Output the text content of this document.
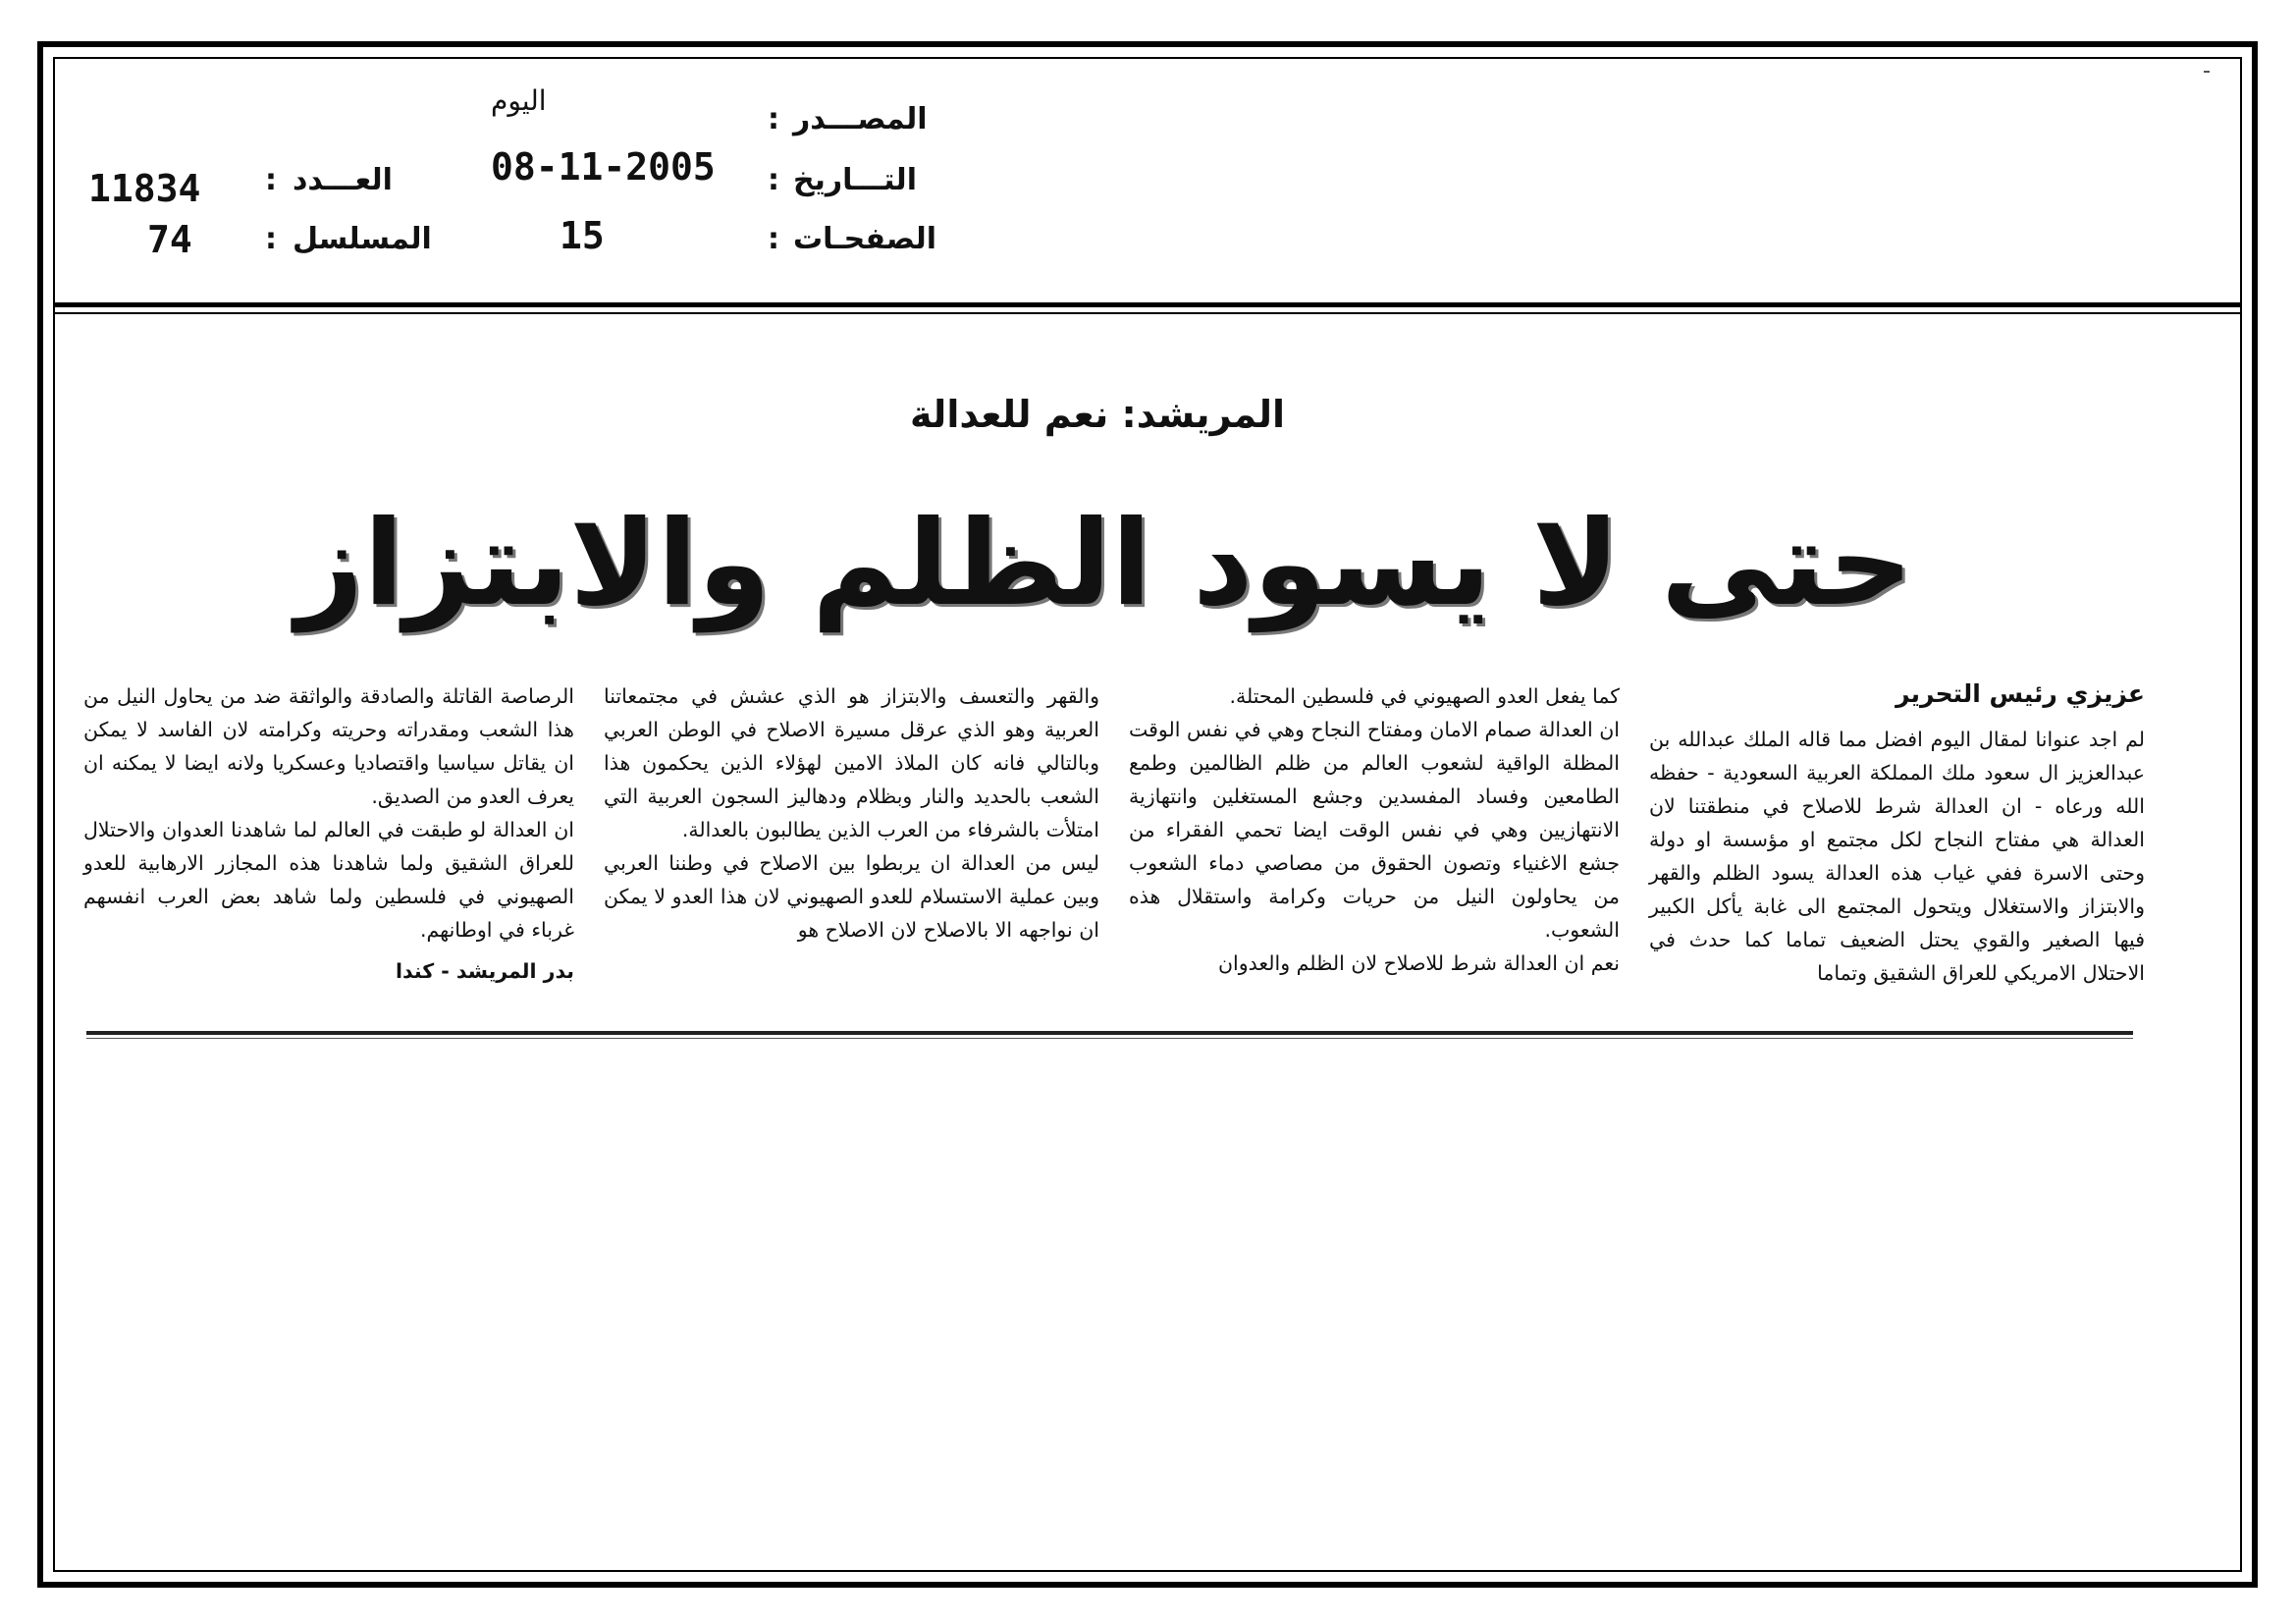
المصـــدر
:
اليوم
التـــاريخ
:
08-11-2005
الصفحـات
:
15
العـــدد
:
11834
المسلسل
:
74
المريشد: نعم للعدالة
حتى لا يسود الظلم والابتزاز

عزيزي رئيس التحرير

لم اجد عنوانا لمقال اليوم افضل مما قاله الملك عبدالله بن عبدالعزيز ال سعود ملك المملكة العربية السعودية - حفظه الله ورعاه - ان العدالة شرط للاصلاح في منطقتنا لان العدالة هي مفتاح النجاح لكل مجتمع او مؤسسة او دولة وحتى الاسرة ففي غياب هذه العدالة يسود الظلم والقهر والابتزاز والاستغلال ويتحول المجتمع الى غابة يأكل الكبير فيها الصغير والقوي يحتل الضعيف تماما كما حدث في الاحتلال الامريكي للعراق الشقيق وتماما

كما يفعل العدو الصهيوني في فلسطين المحتلة.

ان العدالة صمام الامان ومفتاح النجاح وهي في نفس الوقت المظلة الواقية لشعوب العالم من ظلم الظالمين وطمع الطامعين وفساد المفسدين وجشع المستغلين وانتهازية الانتهازيين وهي في نفس الوقت ايضا تحمي الفقراء من جشع الاغنياء وتصون الحقوق من مصاصي دماء الشعوب من يحاولون النيل من حريات وكرامة واستقلال هذه الشعوب.

نعم ان العدالة شرط للاصلاح لان الظلم والعدوان

والقهر والتعسف والابتزاز هو الذي عشش في مجتمعاتنا العربية وهو الذي عرقل مسيرة الاصلاح في الوطن العربي وبالتالي فانه كان الملاذ الامين لهؤلاء الذين يحكمون هذا الشعب بالحديد والنار وبظلام ودهاليز السجون العربية التي امتلأت بالشرفاء من العرب الذين يطالبون بالعدالة.

ليس من العدالة ان يربطوا بين الاصلاح في وطننا العربي وبين عملية الاستسلام للعدو الصهيوني لان هذا العدو لا يمكن ان نواجهه الا بالاصلاح لان الاصلاح هو

الرصاصة القاتلة والصادقة والواثقة ضد من يحاول النيل من هذا الشعب ومقدراته وحريته وكرامته لان الفاسد لا يمكن ان يقاتل سياسيا واقتصاديا وعسكريا ولانه ايضا لا يمكنه ان يعرف العدو من الصديق.

ان العدالة لو طبقت في العالم لما شاهدنا العدوان والاحتلال للعراق الشقيق ولما شاهدنا هذه المجازر الارهابية للعدو الصهيوني في فلسطين ولما شاهد بعض العرب انفسهم غرباء في اوطانهم.

بدر المريشد - كندا
